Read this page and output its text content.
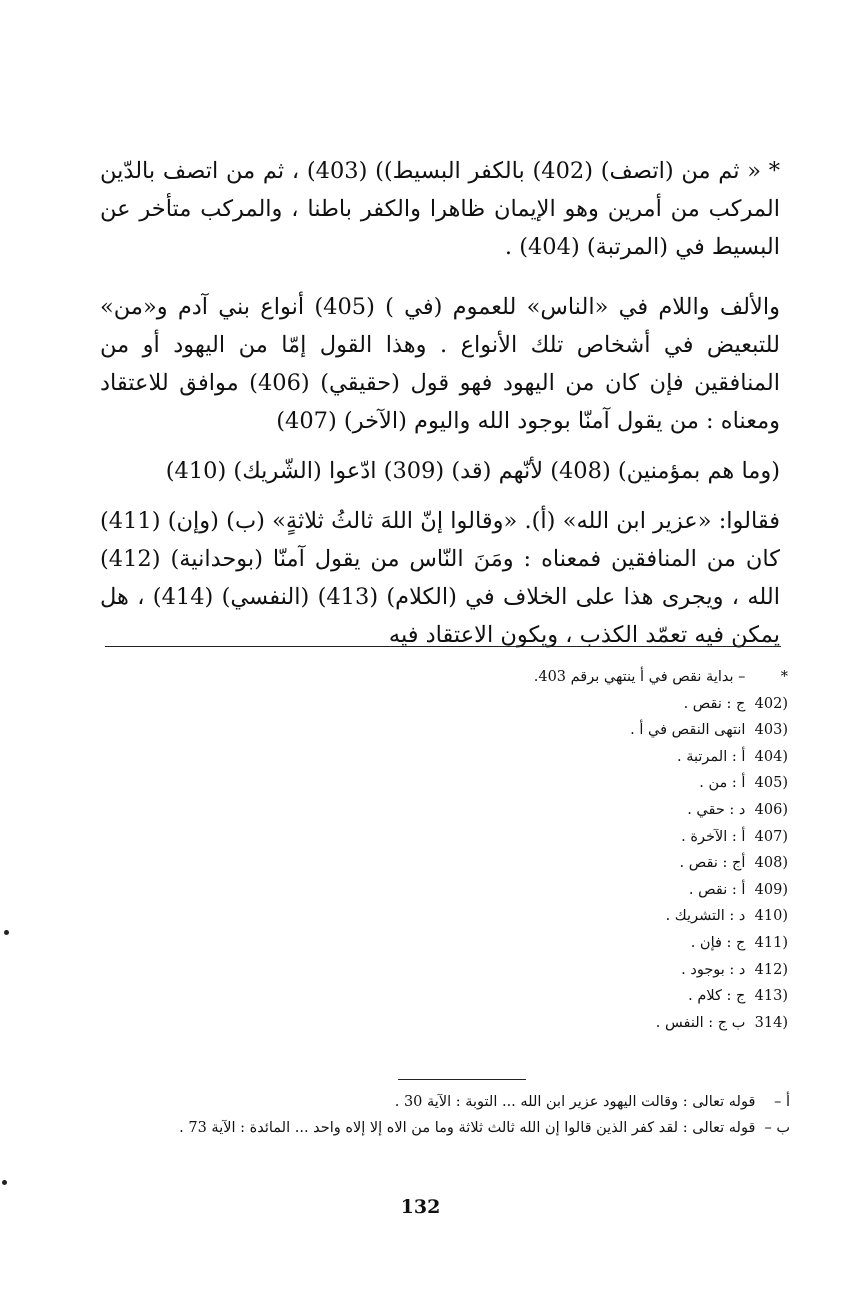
* « ثم من (اتصف) (402) بالكفر البسيط)) (403) ، ثم من اتصف بالدّين المركب من أمرين وهو الإيمان ظاهرا والكفر باطنا ، والمركب متأخر عن البسيط في (المرتبة) (404) .

والألف واللام في «الناس» للعموم (في ) (405) أنواع بني آدم و«من» للتبعيض في أشخاص تلك الأنواع . وهذا القول إمّا من اليهود أو من المنافقين فإن كان من اليهود فهو قول (حقيقي) (406) موافق للاعتقاد ومعناه : من يقول آمنّا بوجود الله واليوم (الآخر) (407)

(وما هم بمؤمنين) (408) لأنّهم (قد) (309) ادّعوا (الشّريك) (410)

فقالوا: «عزير ابن الله» (أ). «وقالوا إنّ اللهَ ثالثُ ثلاثةٍ» (ب) (وإن) (411) كان من المنافقين فمعناه : ومَنَ النّاس من يقول آمنّا (بوحدانية) (412) الله ، ويجرى هذا على الخلاف في (الكلام) (413) (النفسي) (414) ، هل يمكن فيه تعمّد الكذب ، ويكون الاعتقاد فيه

* – بداية نقص في أ ينتهي برقم 403.
(402 ج : نقص .
(403 انتهى النقص في أ .
(404 أ : المرتبة .
(405 أ : من .
(406 د : حقي .
(407 أ : الآخرة .
(408 أج : نقص .
(409 أ : نقص .
(410 د : التشريك .
(411 ج : فإن .
(412 د : بوجود .
(413 ج : كلام .
(314 ب ج : النفس .

أ – قوله تعالى : وقالت اليهود عزير ابن الله ... التوبة : الآية 30 .

ب – قوله تعالى : لقد كفر الذين قالوا إن الله ثالث ثلاثة وما من الاه إلا إلاه واحد ... المائدة : الآية 73 .

132
